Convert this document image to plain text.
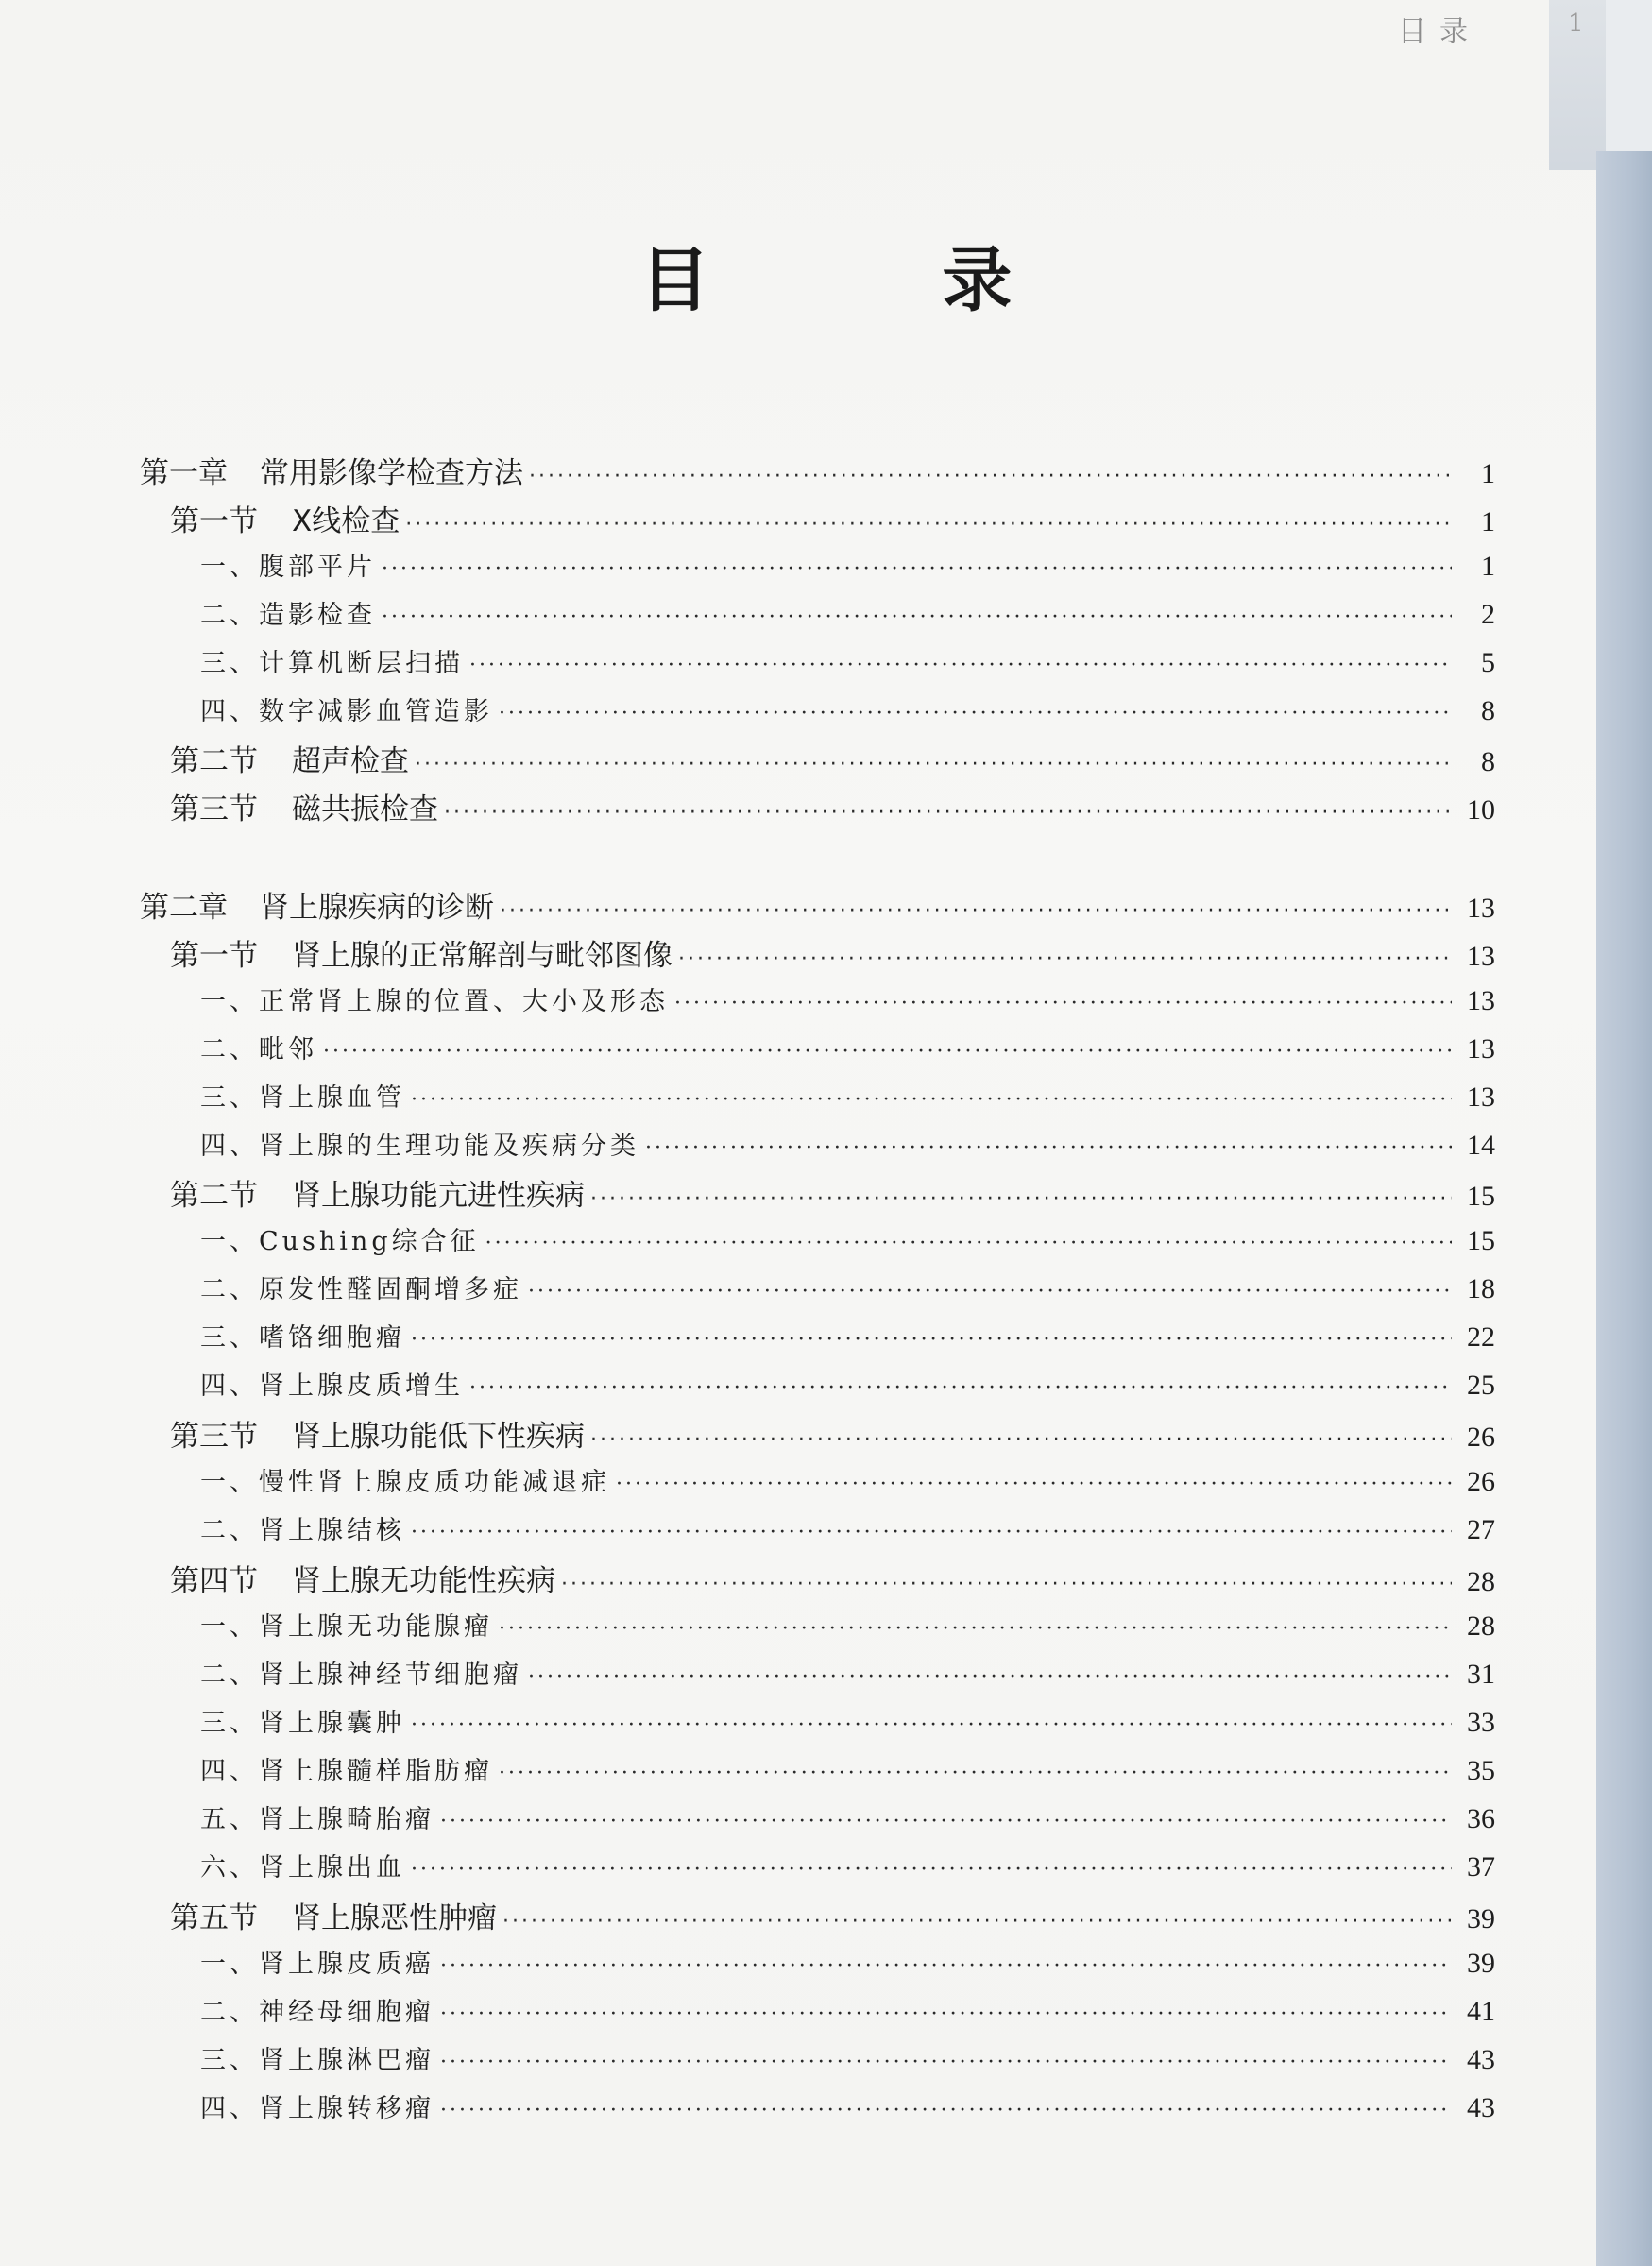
目录	1
目 录
第一章 常用影像学检查方法 ·····	1
第一节 X线检查 ·····	1
一、腹部平片 ·····	1
二、造影检查 ·····	2
三、计算机断层扫描 ·····	5
四、数字减影血管造影 ·····	8
第二节 超声检查 ·····	8
第三节 磁共振检查 ·····	10
第二章 肾上腺疾病的诊断 ·····	13
第一节 肾上腺的正常解剖与毗邻图像 ·····	13
一、正常肾上腺的位置、大小及形态 ·····	13
二、毗邻 ·····	13
三、肾上腺血管 ·····	13
四、肾上腺的生理功能及疾病分类 ·····	14
第二节 肾上腺功能亢进性疾病 ·····	15
一、Cushing综合征 ·····	15
二、原发性醛固酮增多症 ·····	18
三、嗜铬细胞瘤 ·····	22
四、肾上腺皮质增生 ·····	25
第三节 肾上腺功能低下性疾病 ·····	26
一、慢性肾上腺皮质功能减退症 ·····	26
二、肾上腺结核 ·····	27
第四节 肾上腺无功能性疾病 ·····	28
一、肾上腺无功能腺瘤 ·····	28
二、肾上腺神经节细胞瘤 ·····	31
三、肾上腺囊肿 ·····	33
四、肾上腺髓样脂肪瘤 ·····	35
五、肾上腺畸胎瘤 ·····	36
六、肾上腺出血 ·····	37
第五节 肾上腺恶性肿瘤 ·····	39
一、肾上腺皮质癌 ·····	39
二、神经母细胞瘤 ·····	41
三、肾上腺淋巴瘤 ·····	43
四、肾上腺转移瘤 ·····	43
